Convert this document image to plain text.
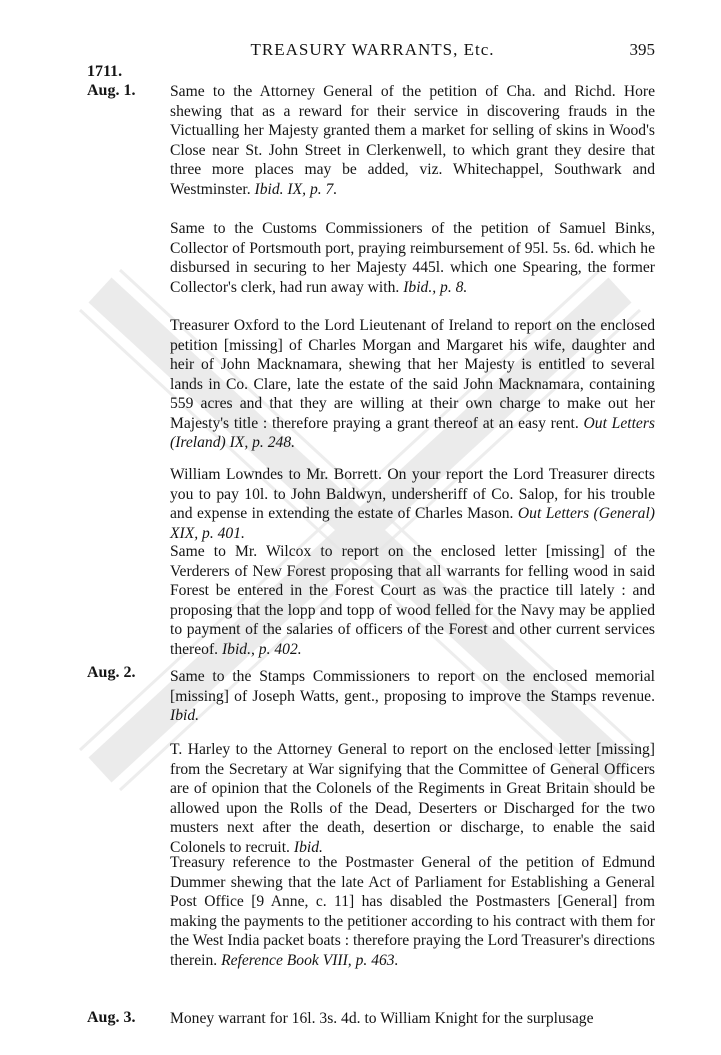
TREASURY WARRANTS, Etc.	395
1711.
Aug. 1.
Aug. 2.
Aug. 3.

Same to the Attorney General of the petition of Cha. and Richd. Hore shewing that as a reward for their service in discovering frauds in the Victualling her Majesty granted them a market for selling of skins in Wood's Close near St. John Street in Clerkenwell, to which grant they desire that three more places may be added, viz. Whitechappel, Southwark and Westminster. Ibid. IX, p. 7.

Same to the Customs Commissioners of the petition of Samuel Binks, Collector of Portsmouth port, praying reimbursement of 95l. 5s. 6d. which he disbursed in securing to her Majesty 445l. which one Spearing, the former Collector's clerk, had run away with. Ibid., p. 8.

Treasurer Oxford to the Lord Lieutenant of Ireland to report on the enclosed petition [missing] of Charles Morgan and Margaret his wife, daughter and heir of John Macknamara, shewing that her Majesty is entitled to several lands in Co. Clare, late the estate of the said John Macknamara, containing 559 acres and that they are willing at their own charge to make out her Majesty's title : therefore praying a grant thereof at an easy rent. Out Letters (Ireland) IX, p. 248.

William Lowndes to Mr. Borrett. On your report the Lord Treasurer directs you to pay 10l. to John Baldwyn, undersheriff of Co. Salop, for his trouble and expense in extending the estate of Charles Mason. Out Letters (General) XIX, p. 401.

Same to Mr. Wilcox to report on the enclosed letter [missing] of the Verderers of New Forest proposing that all warrants for felling wood in said Forest be entered in the Forest Court as was the practice till lately : and proposing that the lopp and topp of wood felled for the Navy may be applied to payment of the salaries of officers of the Forest and other current services thereof. Ibid., p. 402.

Same to the Stamps Commissioners to report on the enclosed memorial [missing] of Joseph Watts, gent., proposing to improve the Stamps revenue. Ibid.

T. Harley to the Attorney General to report on the enclosed letter [missing] from the Secretary at War signifying that the Committee of General Officers are of opinion that the Colonels of the Regiments in Great Britain should be allowed upon the Rolls of the Dead, Deserters or Discharged for the two musters next after the death, desertion or discharge, to enable the said Colonels to recruit. Ibid.

Treasury reference to the Postmaster General of the petition of Edmund Dummer shewing that the late Act of Parliament for Establishing a General Post Office [9 Anne, c. 11] has disabled the Postmasters [General] from making the payments to the petitioner according to his contract with them for the West India packet boats : therefore praying the Lord Treasurer's directions therein. Reference Book VIII, p. 463.

Money warrant for 16l. 3s. 4d. to William Knight for the surplusage
